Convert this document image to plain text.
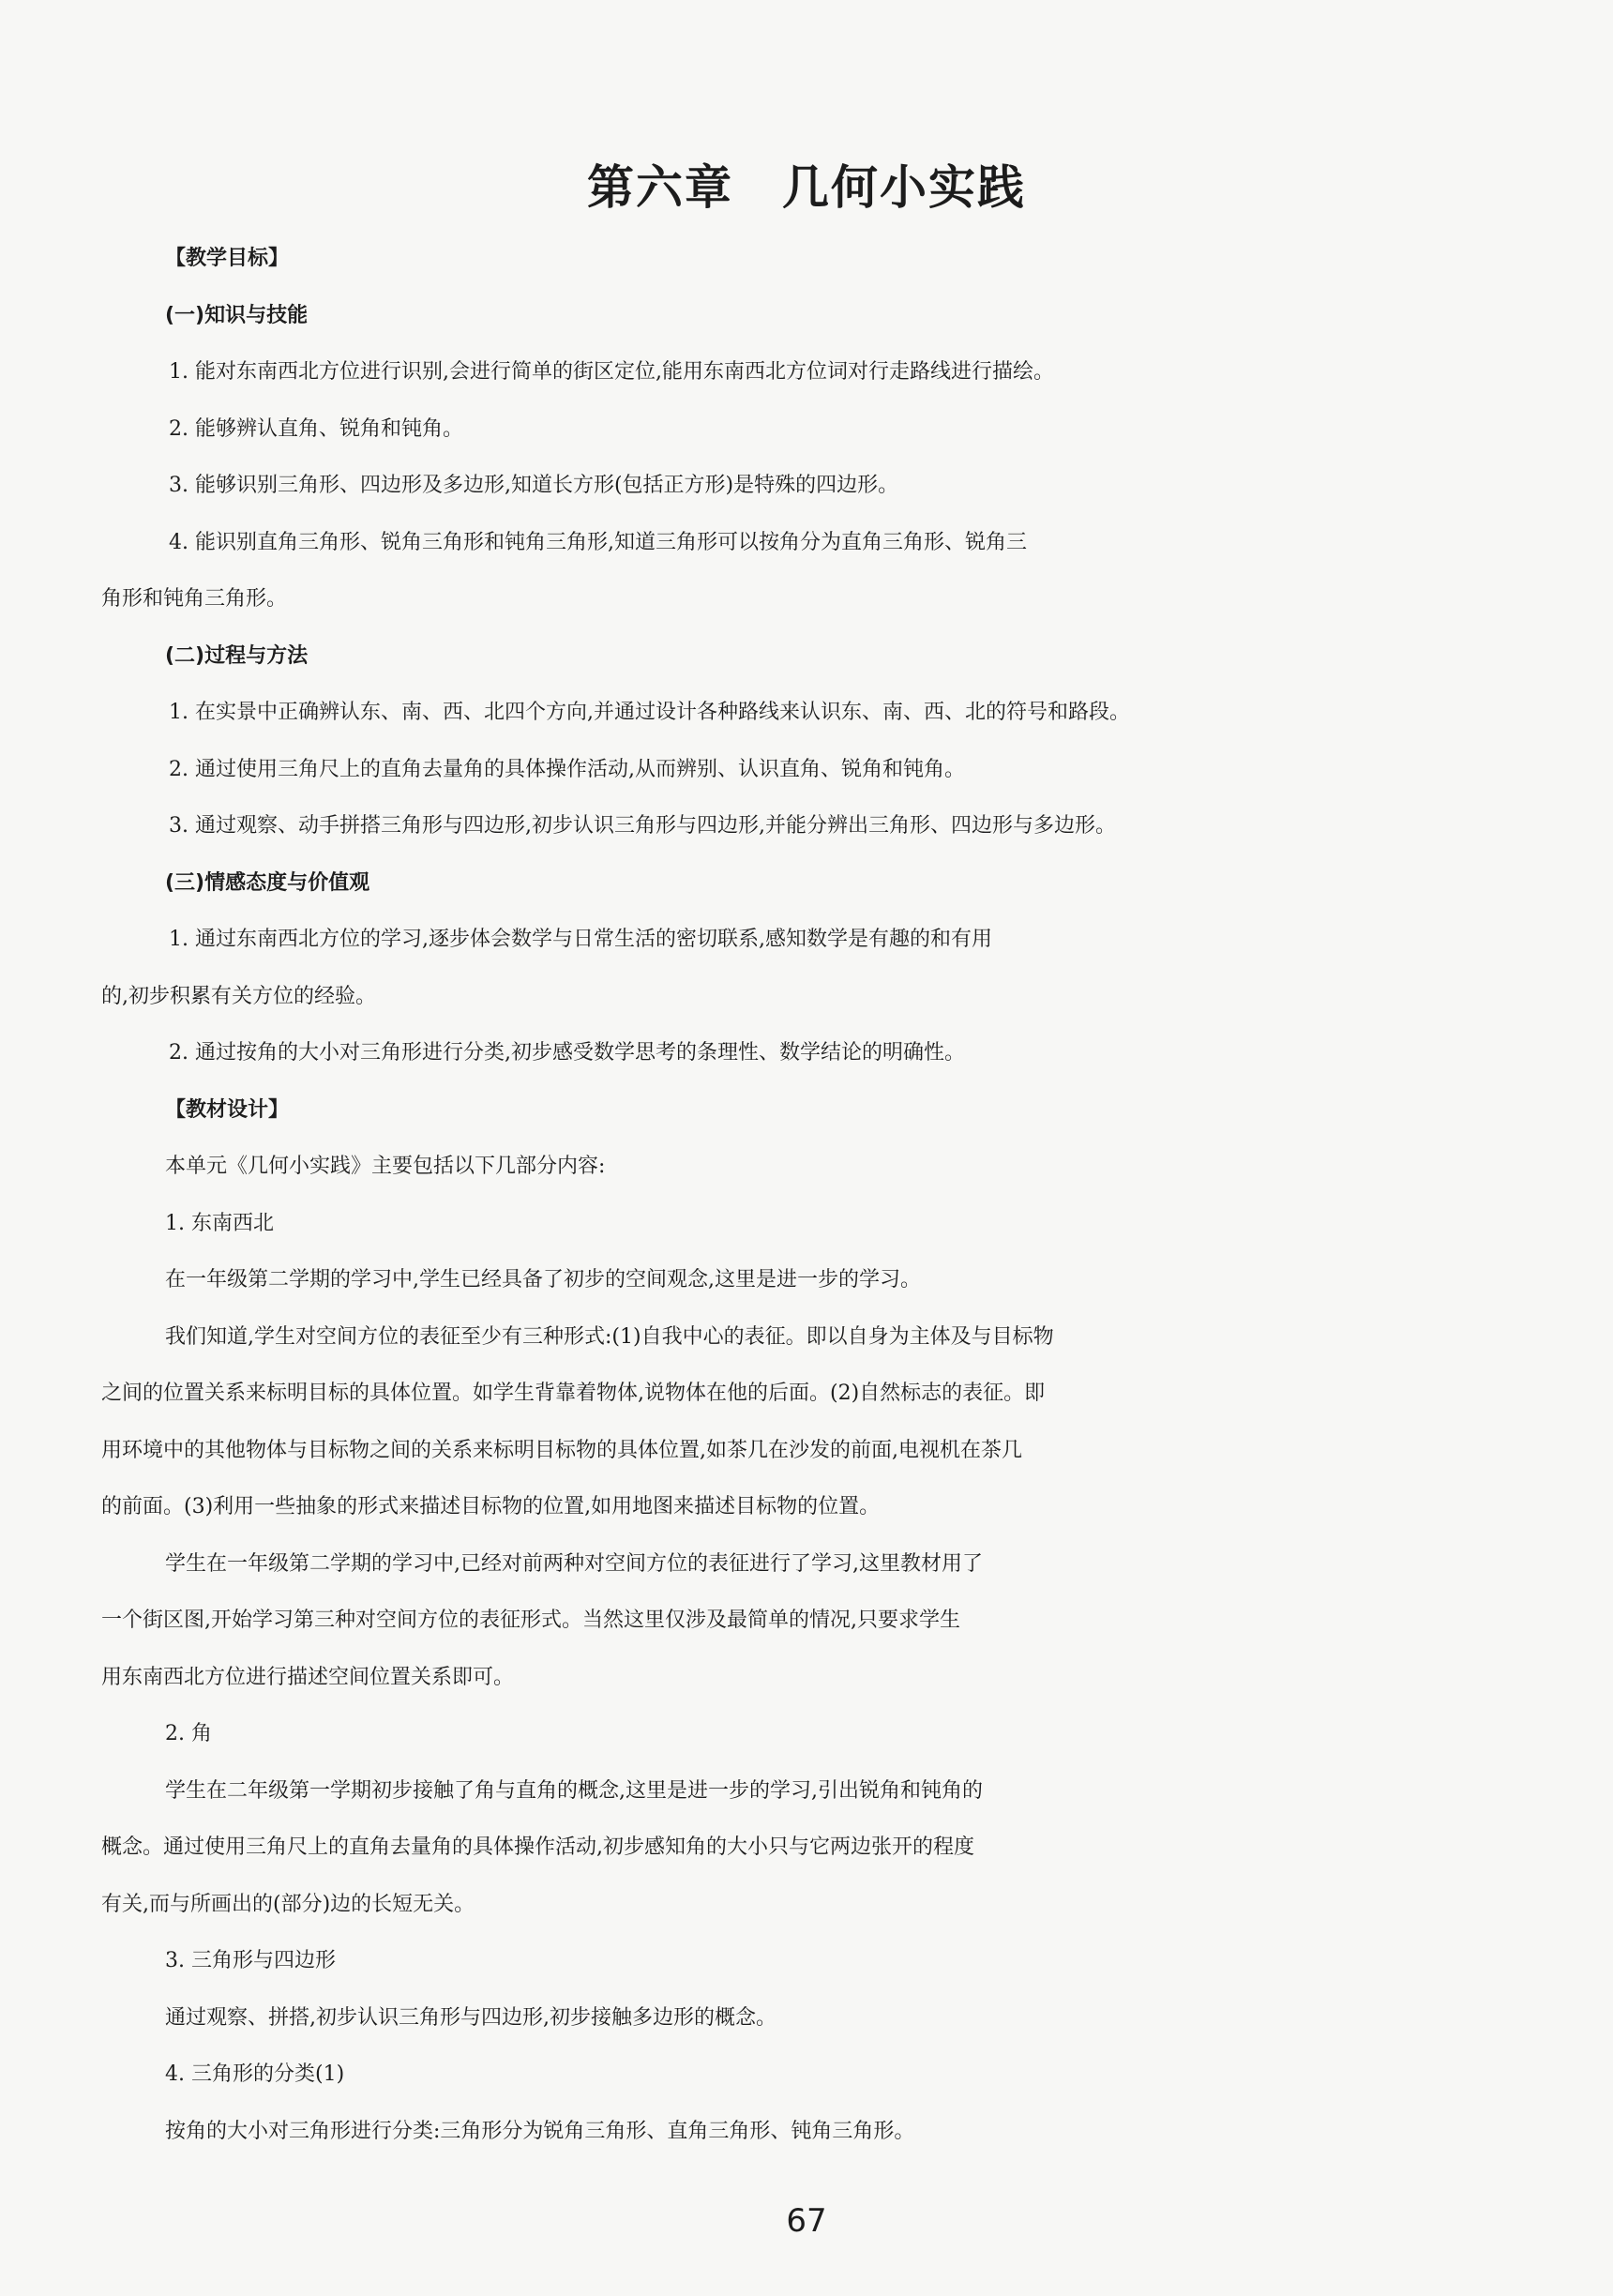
第六章　几何小实践
【教学目标】
(一)知识与技能
1. 能对东南西北方位进行识别,会进行简单的街区定位,能用东南西北方位词对行走路线进行描绘。
2. 能够辨认直角、锐角和钝角。
3. 能够识别三角形、四边形及多边形,知道长方形(包括正方形)是特殊的四边形。
4. 能识别直角三角形、锐角三角形和钝角三角形,知道三角形可以按角分为直角三角形、锐角三
角形和钝角三角形。
(二)过程与方法
1. 在实景中正确辨认东、南、西、北四个方向,并通过设计各种路线来认识东、南、西、北的符号和路段。
2. 通过使用三角尺上的直角去量角的具体操作活动,从而辨别、认识直角、锐角和钝角。
3. 通过观察、动手拼搭三角形与四边形,初步认识三角形与四边形,并能分辨出三角形、四边形与多边形。
(三)情感态度与价值观
1. 通过东南西北方位的学习,逐步体会数学与日常生活的密切联系,感知数学是有趣的和有用
的,初步积累有关方位的经验。
2. 通过按角的大小对三角形进行分类,初步感受数学思考的条理性、数学结论的明确性。
【教材设计】
本单元《几何小实践》主要包括以下几部分内容:
1. 东南西北
在一年级第二学期的学习中,学生已经具备了初步的空间观念,这里是进一步的学习。
我们知道,学生对空间方位的表征至少有三种形式:(1)自我中心的表征。即以自身为主体及与目标物
之间的位置关系来标明目标的具体位置。如学生背靠着物体,说物体在他的后面。(2)自然标志的表征。即
用环境中的其他物体与目标物之间的关系来标明目标物的具体位置,如茶几在沙发的前面,电视机在茶几
的前面。(3)利用一些抽象的形式来描述目标物的位置,如用地图来描述目标物的位置。
学生在一年级第二学期的学习中,已经对前两种对空间方位的表征进行了学习,这里教材用了
一个街区图,开始学习第三种对空间方位的表征形式。当然这里仅涉及最简单的情况,只要求学生
用东南西北方位进行描述空间位置关系即可。
2. 角
学生在二年级第一学期初步接触了角与直角的概念,这里是进一步的学习,引出锐角和钝角的
概念。通过使用三角尺上的直角去量角的具体操作活动,初步感知角的大小只与它两边张开的程度
有关,而与所画出的(部分)边的长短无关。
3. 三角形与四边形
通过观察、拼搭,初步认识三角形与四边形,初步接触多边形的概念。
4. 三角形的分类(1)
按角的大小对三角形进行分类:三角形分为锐角三角形、直角三角形、钝角三角形。
67
